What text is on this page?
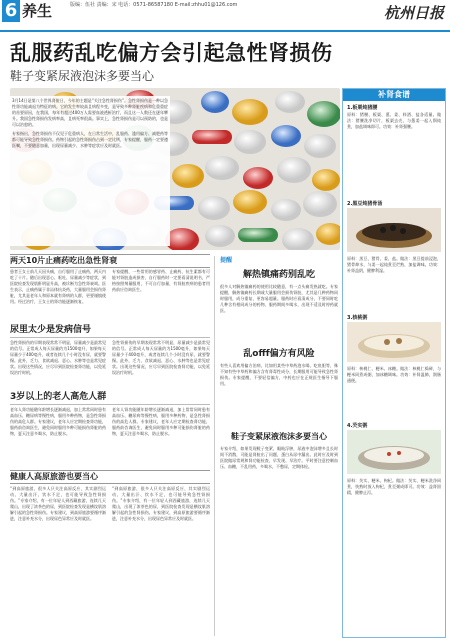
6 养生	版编：伍社 责编：宋 电话：0571-86587180 E-mail:zhhu01@126.com	杭州日报
乱服药乱吃偏方会引起急性肾损伤
鞋子变紧尿液泡沫多要当心
3月14日是第八个世界肾脏日，今年的主题是“关注急性肾损伤”。急性肾损伤是一种以急性肾功能减退为特征的病。它的发生率较高且病程多变，是导致多种肾脏疾病和危重重症的首要原因，在我国，每年有超过400万人需要血液透析治疗，而且这一人数还在逐年攀升。我国急性肾损伤发病率高，且病死率很高。事实上，急性肾损伤是可以预防的，也是可以治愈的。
专家指出，急性肾损伤不仅见于危重病人，在日常生活中，乱服药、滥用偏方、减肥药等都可能导致急性肾损伤。药物引起的急性肾损伤占到一定比例，专家提醒，服药一定要遵医嘱，不要随意加量，出现尿量减少、水肿等症状应及时就医。
两天10片止痛药吃出急性肾衰
患者王女士前几天因头痛，自行服用了止痛药，两天内吃了十片。随后出现恶心、呕吐、尿量减少等症状，到医院检查发现肌酐明显升高，被诊断为急性肾衰竭。医生表示，止痛药属于非甾体抗炎药，大量服用会损伤肾脏，尤其是老年人和原本就有肾病的人群，更要谨慎使用。经过治疗，王女士的肾功能逐渐恢复。
专家提醒，一些常用的感冒药、止痛药、抗生素都有可能对肾脏造成损害，自行服药时一定要看清说明书，严格按照剂量服用，不可自行加量，有肾脏疾病的患者用药前应咨询医生。
尿里太少是发病信号
急性肾损伤的早期表现常常不明显，尿量减少是最常见的信号。正常成人每天尿量约为1500毫升，如果每天尿量少于400毫升，或者连续几个小时没有尿，就要警惕。此外，乏力、食欲减退、恶心、水肿等也是常见症状。出现这些情况，应尽早到医院检查肾功能，以免延误治疗时机。
急性肾损伤的早期表现常常不明显，尿量减少是最常见的信号。正常成人每天尿量约为1500毫升，如果每天尿量少于400毫升，或者连续几个小时没有尿，就要警惕。此外，乏力、食欲减退、恶心、水肿等也是常见症状。出现这些情况，应尽早到医院检查肾功能，以免延误治疗时机。
3岁以上的老人高危人群
老年人肾功能随年龄增长逐渐减退，加上常常同时患有高血压、糖尿病等慢性病，服用多种药物，是急性肾损伤的高危人群。专家建议，老年人应定期检查肾功能，服药前咨询医生，避免同时服用多种可能损伤肾脏的药物，夏天注意多喝水，防止脱水。
老年人肾功能随年龄增长逐渐减退，加上常常同时患有高血压、糖尿病等慢性病，服用多种药物，是急性肾损伤的高危人群。专家建议，老年人应定期检查肾功能，服药前咨询医生，避免同时服用多种可能损伤肾脏的药物，夏天注意多喝水，防止脱水。
健康人高原旅游也要当心
“到高原旅游，很多人只关注高原反应，其实剧烈运动、大量出汗、饮水不足，也可能导致急性肾损伤。”专家介绍，有一位年轻人到西藏旅游，连续几天爬山，出现了浓茶色的尿，到医院检查发现是横纹肌溶解引起的急性肾损伤。专家建议，到高原旅游要循序渐进，注意补充水分，出现尿色异常应及时就医。
“到高原旅游，很多人只关注高原反应，其实剧烈运动、大量出汗、饮水不足，也可能导致急性肾损伤。”专家介绍，有一位年轻人到西藏旅游，连续几天爬山，出现了浓茶色的尿，到医院检查发现是横纹肌溶解引起的急性肾损伤。专家建议，到高原旅游要循序渐进，注意补充水分，出现尿色异常应及时就医。
提醒
解热镇痛药别乱吃
很多人对解热镇痛药的使用比较随意，有一点头痛发热就吃。专家提醒，解热镇痛药长期或大量服用会损伤肾脏，尤其是几种药物同时服用，成分重复，更容易超量。服药时应看清成分，不要同时吃几种含有相同成分的药物，服药期间多喝水，出现不适及时停药就医。
乱offf偏方有风险
有些人喜欢用偏方治病，比如用某些中草药泡水喝、吃鱼胆等，殊不知有些中草药和偏方含有肾毒性成分，长期服用可能导致急性肾损伤。专家提醒，不要轻信偏方，中药也应在正规医生指导下服用。
鞋子变紧尿液泡沫多要当心
专家介绍，如果发现鞋子变紧、眼睑浮肿，尿液中泡沫增多且长时间不消散，可能是肾脏出了问题，蛋白从尿中漏出。此时应及时到医院做尿常规和肾功能检查，早发现、早治疗。平时要注意控制血压、血糖，不乱用药，多喝水，不憋尿，定期体检。
补肾食谱
1.板栗炖猪腰
原料：猪腰、板栗、葱、姜、料酒、盐各适量。做法：猪腰洗净切片，板栗去壳，与葱姜一起入锅炖煮，加盐调味即可。功效：补肾强腰。
2.黑豆炖猪骨汤
原料：黑豆、猪骨、姜、盐。做法：黑豆提前浸泡，猪骨焯水，与姜一起炖煮至烂熟，加盐调味。功效：补肾益阴，健脾利湿。
3.核桃粥
原料：核桃仁、粳米、冰糖。做法：核桃仁捣碎，与粳米同煮成粥，加冰糖调味。功效：补肾温肺，润肠通便。
4.芡实粥
原料：芡实、粳米、枸杞。做法：芡实、粳米洗净同煮，快熟时放入枸杞，煮至粥成即可。功效：益肾固精，健脾止泻。
